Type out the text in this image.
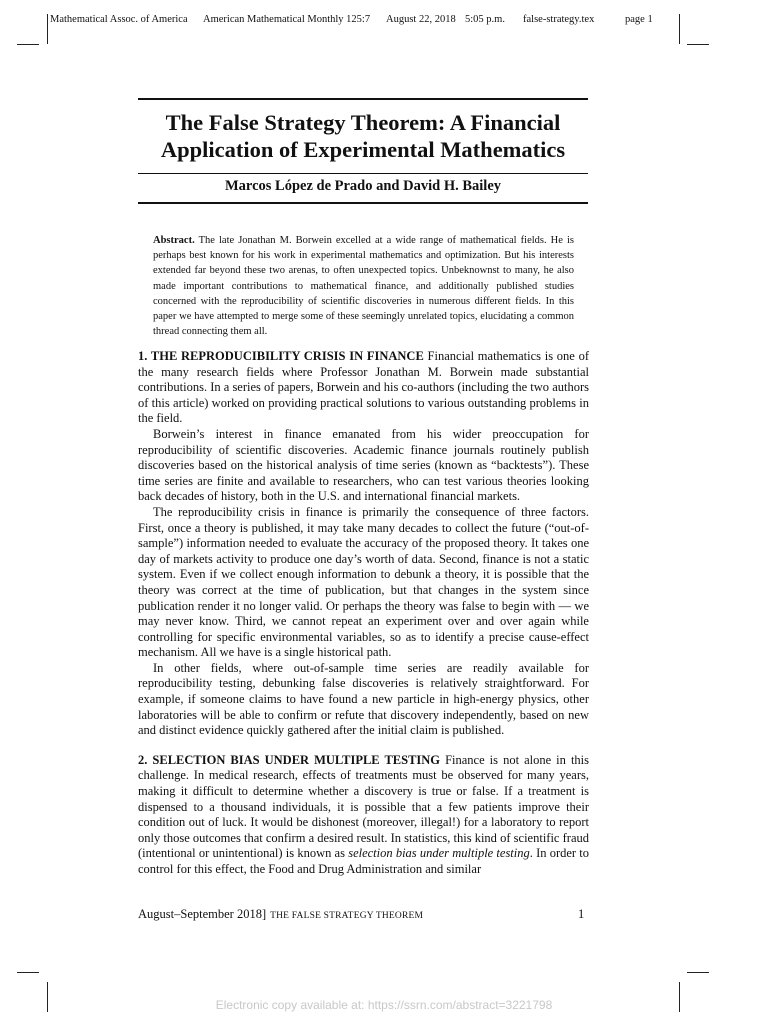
Mathematical Assoc. of America American Mathematical Monthly 125:7 August 22, 2018 5:05 p.m. false-strategy.tex	page 1
The False Strategy Theorem: A Financial
Application of Experimental Mathematics
Marcos López de Prado and David H. Bailey
Abstract. The late Jonathan M. Borwein excelled at a wide range of mathematical fields. He is perhaps best known for his work in experimental mathematics and optimization. But his interests extended far beyond these two arenas, to often unexpected topics. Unbeknownst to many, he also made important contributions to mathematical finance, and additionally published studies concerned with the reproducibility of scientific discoveries in numerous different fields. In this paper we have attempted to merge some of these seemingly unrelated topics, elucidating a common thread connecting them all.

1. THE REPRODUCIBILITY CRISIS IN FINANCE Financial mathematics is one of the many research fields where Professor Jonathan M. Borwein made substantial contributions. In a series of papers, Borwein and his co-authors (including the two authors of this article) worked on providing practical solutions to various outstanding problems in the field.

Borwein’s interest in finance emanated from his wider preoccupation for reproducibility of scientific discoveries. Academic finance journals routinely publish discoveries based on the historical analysis of time series (known as “backtests”). These time series are finite and available to researchers, who can test various theories looking back decades of history, both in the U.S. and international financial markets.

The reproducibility crisis in finance is primarily the consequence of three factors. First, once a theory is published, it may take many decades to collect the future (“out-of-sample”) information needed to evaluate the accuracy of the proposed theory. It takes one day of markets activity to produce one day’s worth of data. Second, finance is not a static system. Even if we collect enough information to debunk a theory, it is possible that the theory was correct at the time of publication, but that changes in the system since publication render it no longer valid. Or perhaps the theory was false to begin with — we may never know. Third, we cannot repeat an experiment over and over again while controlling for specific environmental variables, so as to identify a precise cause-effect mechanism. All we have is a single historical path.

In other fields, where out-of-sample time series are readily available for reproducibility testing, debunking false discoveries is relatively straightforward. For example, if someone claims to have found a new particle in high-energy physics, other laboratories will be able to confirm or refute that discovery independently, based on new and distinct evidence quickly gathered after the initial claim is published.

2. SELECTION BIAS UNDER MULTIPLE TESTING Finance is not alone in this challenge. In medical research, effects of treatments must be observed for many years, making it difficult to determine whether a discovery is true or false. If a treatment is dispensed to a thousand individuals, it is possible that a few patients improve their condition out of luck. It would be dishonest (moreover, illegal!) for a laboratory to report only those outcomes that confirm a desired result. In statistics, this kind of scientific fraud (intentional or unintentional) is known as selection bias under multiple testing. In order to control for this effect, the Food and Drug Administration and similar

August–September 2018] THE FALSE STRATEGY THEOREM	1
Electronic copy available at: https://ssrn.com/abstract=3221798
